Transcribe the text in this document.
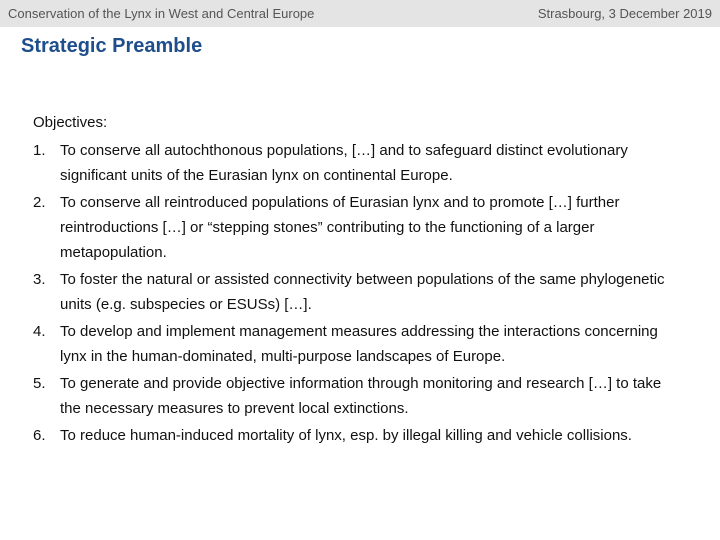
Conservation of the Lynx in West and Central Europe	Strasbourg, 3 December 2019
Strategic Preamble
Objectives:
1. To conserve all autochthonous populations, […] and to safeguard distinct evolutionary significant units of the Eurasian lynx on continental Europe.
2. To conserve all reintroduced populations of Eurasian lynx and to promote […] further reintroductions […] or “stepping stones” contributing to the functioning of a larger metapopulation.
3. To foster the natural or assisted connectivity between populations of the same phylogenetic units (e.g. subspecies or ESUSs) […].
4. To develop and implement management measures addressing the interactions concerning lynx in the human-dominated, multi-purpose landscapes of Europe.
5. To generate and provide objective information through monitoring and research […] to take the necessary measures to prevent local extinctions.
6. To reduce human-induced mortality of lynx, esp. by illegal killing and vehicle collisions.
